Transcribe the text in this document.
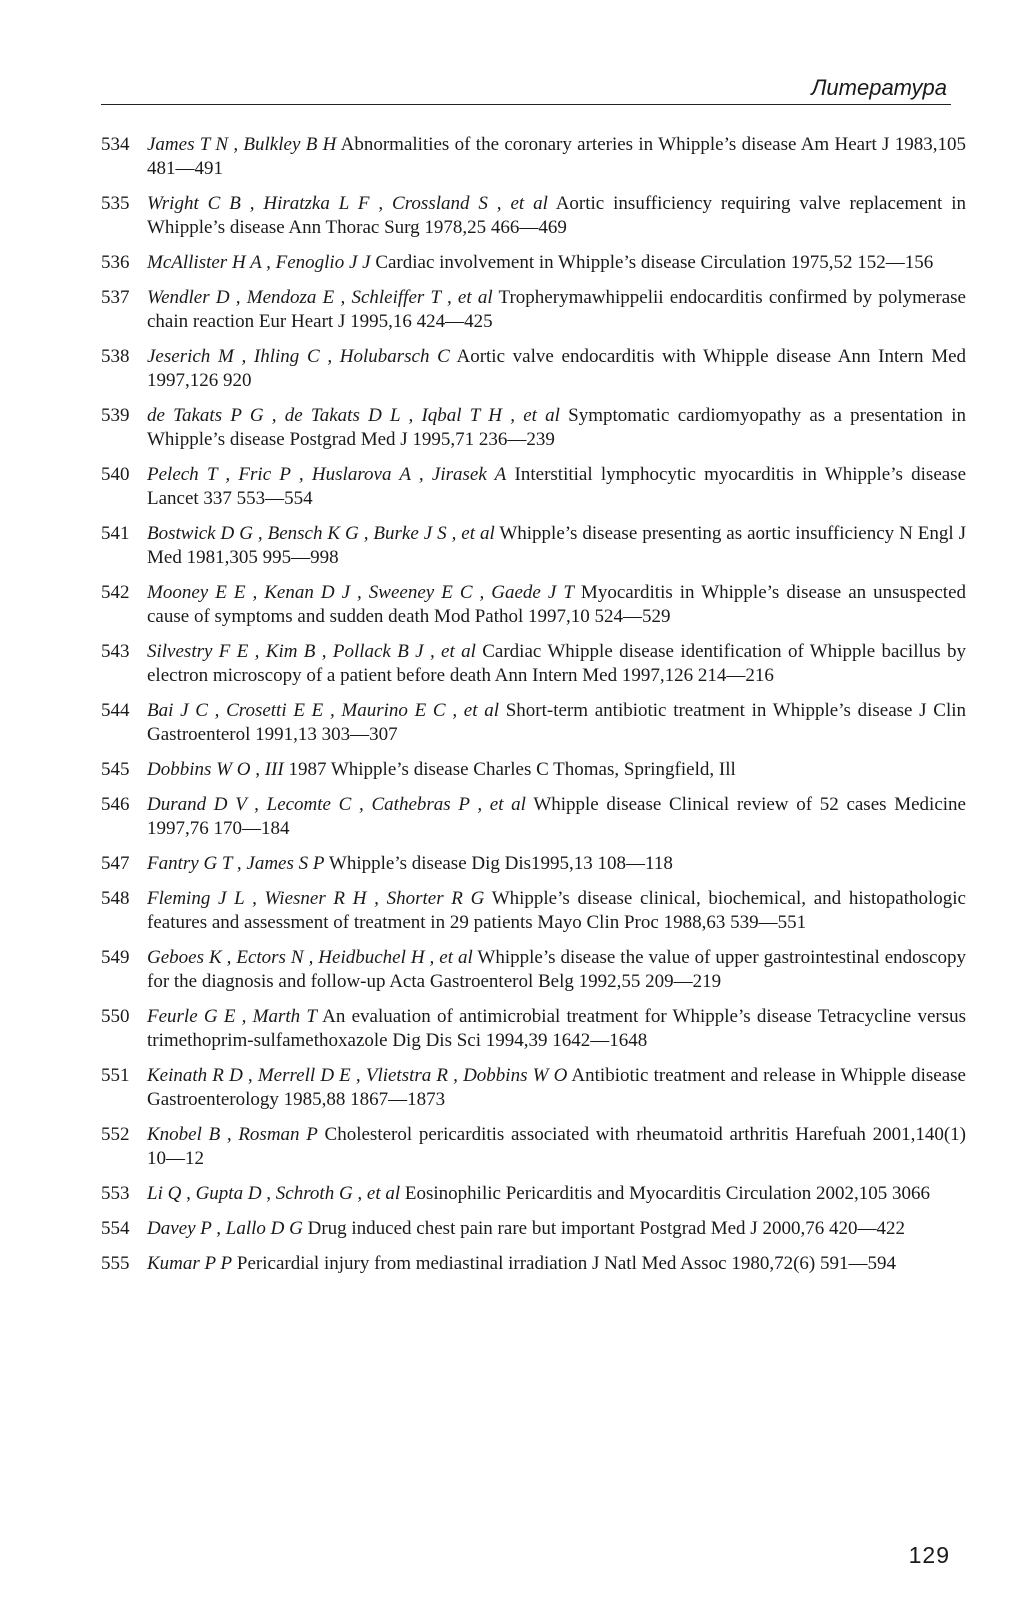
Литература
534 James T N , Bulkley B H Abnormalities of the coronary arteries in Whipple’s disease Am Heart J 1983,105 481—491
535 Wright C B , Hiratzka L F , Crossland S , et al Aortic insufficiency requiring valve replacement in Whipple’s disease Ann Thorac Surg 1978,25 466—469
536 McAllister H A , Fenoglio J J Cardiac involvement in Whipple’s disease Circulation 1975,52 152—156
537 Wendler D , Mendoza E , Schleiffer T , et al Tropherymawhippelii endocarditis confirmed by polymerase chain reaction Eur Heart J 1995,16 424—425
538 Jeserich M , Ihling C , Holubarsch C Aortic valve endocarditis with Whipple disease Ann Intern Med 1997,126 920
539 de Takats P G , de Takats D L , Iqbal T H , et al Symptomatic cardiomyopathy as a presentation in Whipple’s disease Postgrad Med J 1995,71 236—239
540 Pelech T , Fric P , Huslarova A , Jirasek A Interstitial lymphocytic myocarditis in Whipple’s disease Lancet 337 553—554
541 Bostwick D G , Bensch K G , Burke J S , et al Whipple’s disease presenting as aortic insufficiency N Engl J Med 1981,305 995—998
542 Mooney E E , Kenan D J , Sweeney E C , Gaede J T Myocarditis in Whipple’s disease an unsuspected cause of symptoms and sudden death Mod Pathol 1997,10 524—529
543 Silvestry F E , Kim B , Pollack B J , et al Cardiac Whipple disease identification of Whipple bacillus by electron microscopy of a patient before death Ann Intern Med 1997,126 214—216
544 Bai J C , Crosetti E E , Maurino E C , et al Short-term antibiotic treatment in Whipple’s disease J Clin Gastroenterol 1991,13 303—307
545 Dobbins W O , III 1987 Whipple’s disease Charles C Thomas, Springfield, Ill
546 Durand D V , Lecomte C , Cathebras P , et al Whipple disease Clinical review of 52 cases Medicine 1997,76 170—184
547 Fantry G T , James S P Whipple’s disease Dig Dis1995,13 108—118
548 Fleming J L , Wiesner R H , Shorter R G Whipple’s disease clinical, biochemical, and histopathologic features and assessment of treatment in 29 patients Mayo Clin Proc 1988,63 539—551
549 Geboes K , Ectors N , Heidbuchel H , et al Whipple’s disease the value of upper gastrointestinal endoscopy for the diagnosis and follow-up Acta Gastroenterol Belg 1992,55 209—219
550 Feurle G E , Marth T An evaluation of antimicrobial treatment for Whipple’s disease Tetracycline versus trimethoprim-sulfamethoxazole Dig Dis Sci 1994,39 1642—1648
551 Keinath R D , Merrell D E , Vlietstra R , Dobbins W O Antibiotic treatment and release in Whipple disease Gastroenterology 1985,88 1867—1873
552 Knobel B , Rosman P Cholesterol pericarditis associated with rheumatoid arthritis Harefuah 2001,140(1) 10—12
553 Li Q , Gupta D , Schroth G , et al Eosinophilic Pericarditis and Myocarditis Circulation 2002,105 3066
554 Davey P , Lallo D G Drug induced chest pain rare but important Postgrad Med J 2000,76 420—422
555 Kumar P P Pericardial injury from mediastinal irradiation J Natl Med Assoc 1980,72(6) 591—594
129
